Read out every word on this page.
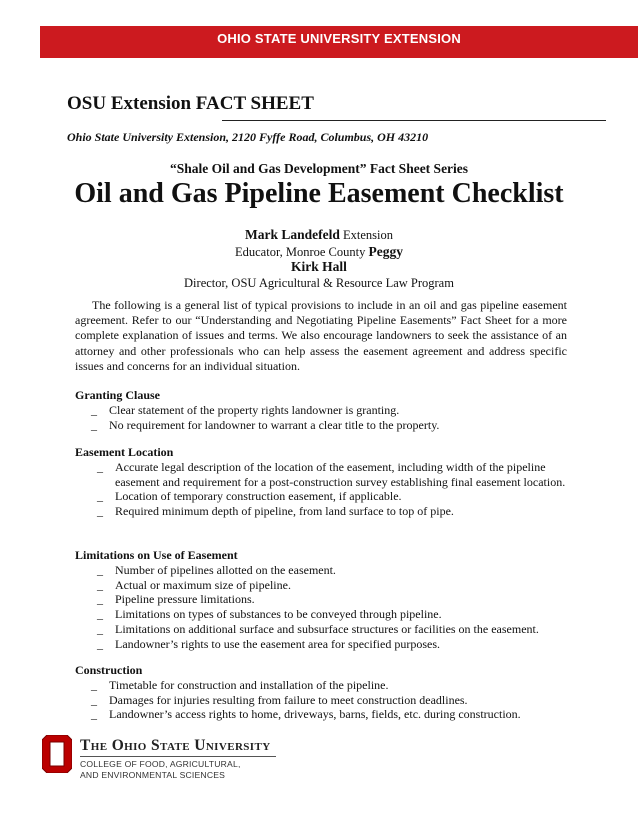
OHIO STATE UNIVERSITY EXTENSION
OSU Extension FACT SHEET
Ohio State University Extension, 2120 Fyffe Road, Columbus, OH 43210
“Shale Oil and Gas Development” Fact Sheet Series
Oil and Gas Pipeline Easement Checklist
Mark Landefeld Extension
Educator, Monroe County Peggy
Kirk Hall
Director, OSU Agricultural & Resource Law Program

The following is a general list of typical provisions to include in an oil and gas pipeline easement agreement. Refer to our “Understanding and Negotiating Pipeline Easements” Fact Sheet for a more complete explanation of issues and terms. We also encourage landowners to seek the assistance of an attorney and other professionals who can help assess the easement agreement and address specific issues and concerns for an individual situation.

Granting Clause
_	Clear statement of the property rights landowner is granting.
_	No requirement for landowner to warrant a clear title to the property.
Easement Location
_	Accurate legal description of the location of the easement, including width of the pipeline easement and requirement for a post-construction survey establishing final easement location.
_	Location of temporary construction easement, if applicable.
_	Required minimum depth of pipeline, from land surface to top of pipe.
Limitations on Use of Easement
_	Number of pipelines allotted on the easement.
_	Actual or maximum size of pipeline.
_	Pipeline pressure limitations.
_	Limitations on types of substances to be conveyed through pipeline.
_	Limitations on additional surface and subsurface structures or facilities on the easement.
_	Landowner’s rights to use the easement area for specified purposes.
Construction
_	Timetable for construction and installation of the pipeline.
_	Damages for injuries resulting from failure to meet construction deadlines.
_	Landowner’s access rights to home, driveways, barns, fields, etc. during construction.
The Ohio State University
COLLEGE OF FOOD, AGRICULTURAL,
AND ENVIRONMENTAL SCIENCES
